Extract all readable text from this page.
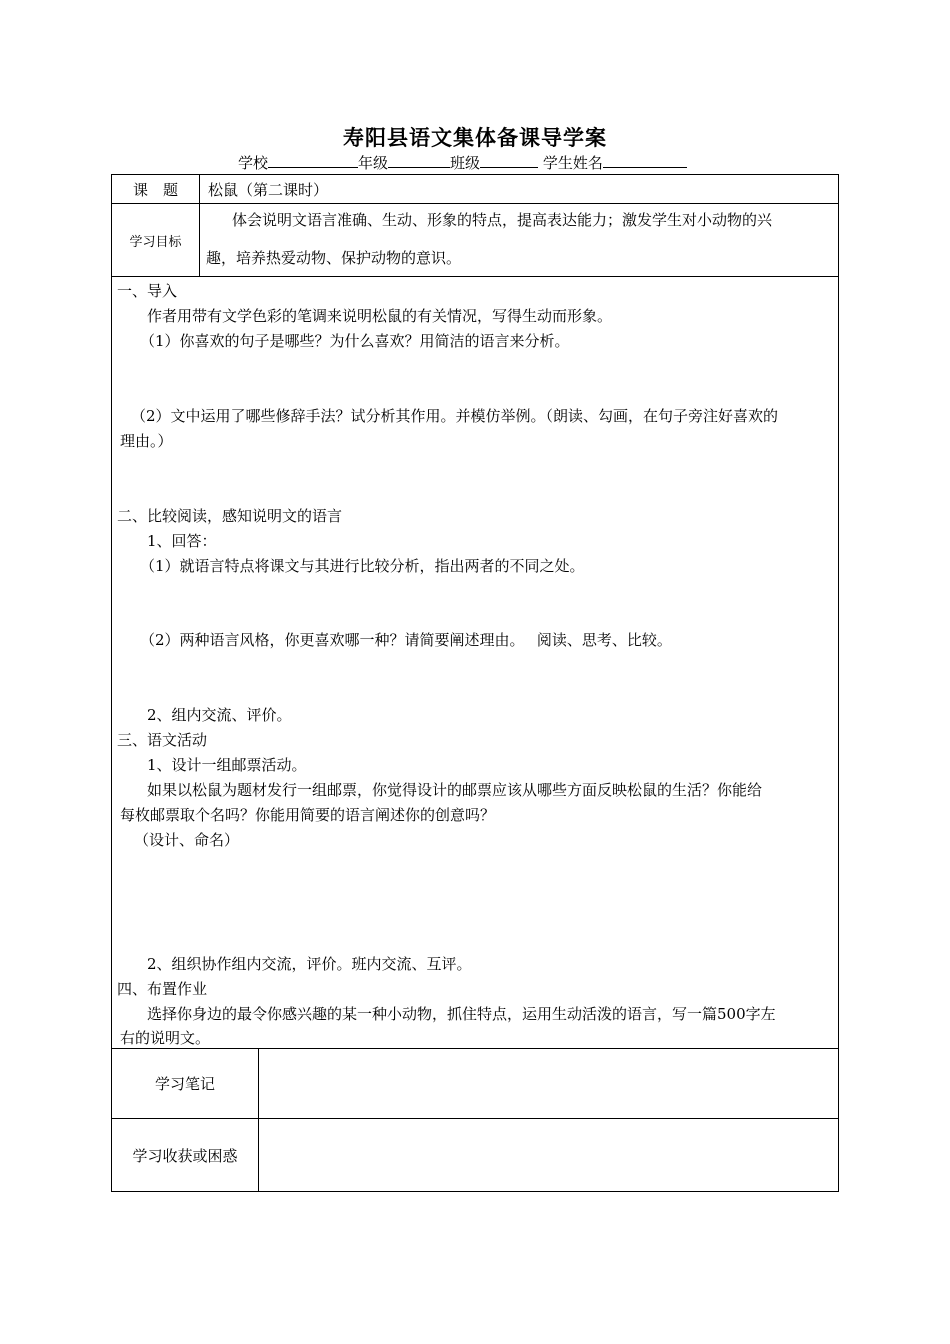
寿阳县语文集体备课导学案
学校	年级	班级	学生姓名
课　题 松鼠（第二课时）
学习目标
体会说明文语言准确、生动、形象的特点，提高表达能力；激发学生对小动物的兴
趣，培养热爱动物、保护动物的意识。
一、导入
作者用带有文学色彩的笔调来说明松鼠的有关情况，写得生动而形象。
（1）你喜欢的句子是哪些？为什么喜欢？用简洁的语言来分析。
（2）文中运用了哪些修辞手法？试分析其作用。并模仿举例。（朗读、勾画，在句子旁注好喜欢的
理由。）
二、比较阅读，感知说明文的语言
1、回答：
（1）就语言特点将课文与其进行比较分析，指出两者的不同之处。
（2）两种语言风格，你更喜欢哪一种？请简要阐述理由。　 阅读、思考、比较。
2、组内交流、评价。
三、语文活动
1、设计一组邮票活动。
如果以松鼠为题材发行一组邮票，你觉得设计的邮票应该从哪些方面反映松鼠的生活？你能给
每枚邮票取个名吗？你能用简要的语言阐述你的创意吗？
（设计、命名）
2、组织协作组内交流，评价。班内交流、互评。
四、布置作业
选择你身边的最令你感兴趣的某一种小动物，抓住特点，运用生动活泼的语言，写一篇500字左
右的说明文。
学习笔记
学习收获或困惑
